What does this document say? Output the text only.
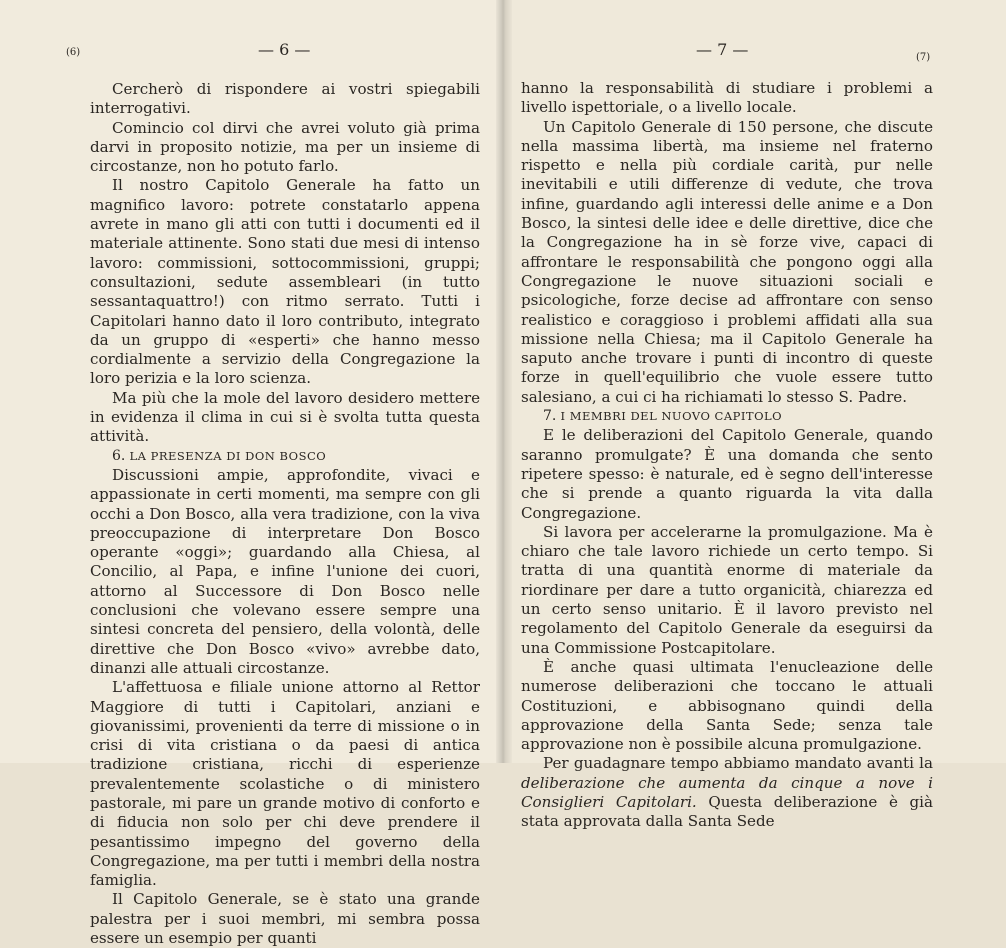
(6)	— 6 —	— 7 —	(7)

Cercherò di rispondere ai vostri spiegabili interrogativi.

Comincio col dirvi che avrei voluto già prima darvi in proposito notizie, ma per un insieme di circostanze, non ho potuto farlo.

Il nostro Capitolo Generale ha fatto un magnifico lavoro: potrete constatarlo appena avrete in mano gli atti con tutti i documenti ed il materiale attinente. Sono stati due mesi di intenso lavoro: commissioni, sottocommissioni, gruppi; consultazioni, sedute assembleari (in tutto sessantaquattro!) con ritmo serrato. Tutti i Capitolari hanno dato il loro contributo, integrato da un gruppo di «esperti» che hanno messo cordialmente a servizio della Congregazione la loro perizia e la loro scienza.

Ma più che la mole del lavoro desidero mettere in evidenza il clima in cui si è svolta tutta questa attività.

6. LA PRESENZA DI DON BOSCO

Discussioni ampie, approfondite, vivaci e appassionate in certi momenti, ma sempre con gli occhi a Don Bosco, alla vera tradizione, con la viva preoccupazione di interpretare Don Bosco operante «oggi»; guardando alla Chiesa, al Concilio, al Papa, e infine l'unione dei cuori, attorno al Successore di Don Bosco nelle conclusioni che volevano essere sempre una sintesi concreta del pensiero, della volontà, delle direttive che Don Bosco «vivo» avrebbe dato, dinanzi alle attuali circostanze.

L'affettuosa e filiale unione attorno al Rettor Maggiore di tutti i Capitolari, anziani e giovanissimi, provenienti da terre di missione o in crisi di vita cristiana o da paesi di antica tradizione cristiana, ricchi di esperienze prevalentemente scolastiche o di ministero pastorale, mi pare un grande motivo di conforto e di fiducia non solo per chi deve prendere il pesantissimo impegno del governo della Congregazione, ma per tutti i membri della nostra famiglia.

Il Capitolo Generale, se è stato una grande palestra per i suoi membri, mi sembra possa essere un esempio per quanti

hanno la responsabilità di studiare i problemi a livello ispettoriale, o a livello locale.

Un Capitolo Generale di 150 persone, che discute nella massima libertà, ma insieme nel fraterno rispetto e nella più cordiale carità, pur nelle inevitabili e utili differenze di vedute, che trova infine, guardando agli interessi delle anime e a Don Bosco, la sintesi delle idee e delle direttive, dice che la Congregazione ha in sè forze vive, capaci di affrontare le responsabilità che pongono oggi alla Congregazione le nuove situazioni sociali e psicologiche, forze decise ad affrontare con senso realistico e coraggioso i problemi affidati alla sua missione nella Chiesa; ma il Capitolo Generale ha saputo anche trovare i punti di incontro di queste forze in quell'equilibrio che vuole essere tutto salesiano, a cui ci ha richiamati lo stesso S. Padre.

7. I MEMBRI DEL NUOVO CAPITOLO

E le deliberazioni del Capitolo Generale, quando saranno promulgate? È una domanda che sento ripetere spesso: è naturale, ed è segno dell'interesse che si prende a quanto riguarda la vita dalla Congregazione.

Si lavora per accelerarne la promulgazione. Ma è chiaro che tale lavoro richiede un certo tempo. Si tratta di una quantità enorme di materiale da riordinare per dare a tutto organicità, chiarezza ed un certo senso unitario. È il lavoro previsto nel regolamento del Capitolo Generale da eseguirsi da una Commissione Postcapitolare.

È anche quasi ultimata l'enucleazione delle numerose deliberazioni che toccano le attuali Costituzioni, e abbisognano quindi della approvazione della Santa Sede; senza tale approvazione non è possibile alcuna promulgazione.

Per guadagnare tempo abbiamo mandato avanti la deliberazione che aumenta da cinque a nove i Consiglieri Capitolari. Questa deliberazione è già stata approvata dalla Santa Sede
